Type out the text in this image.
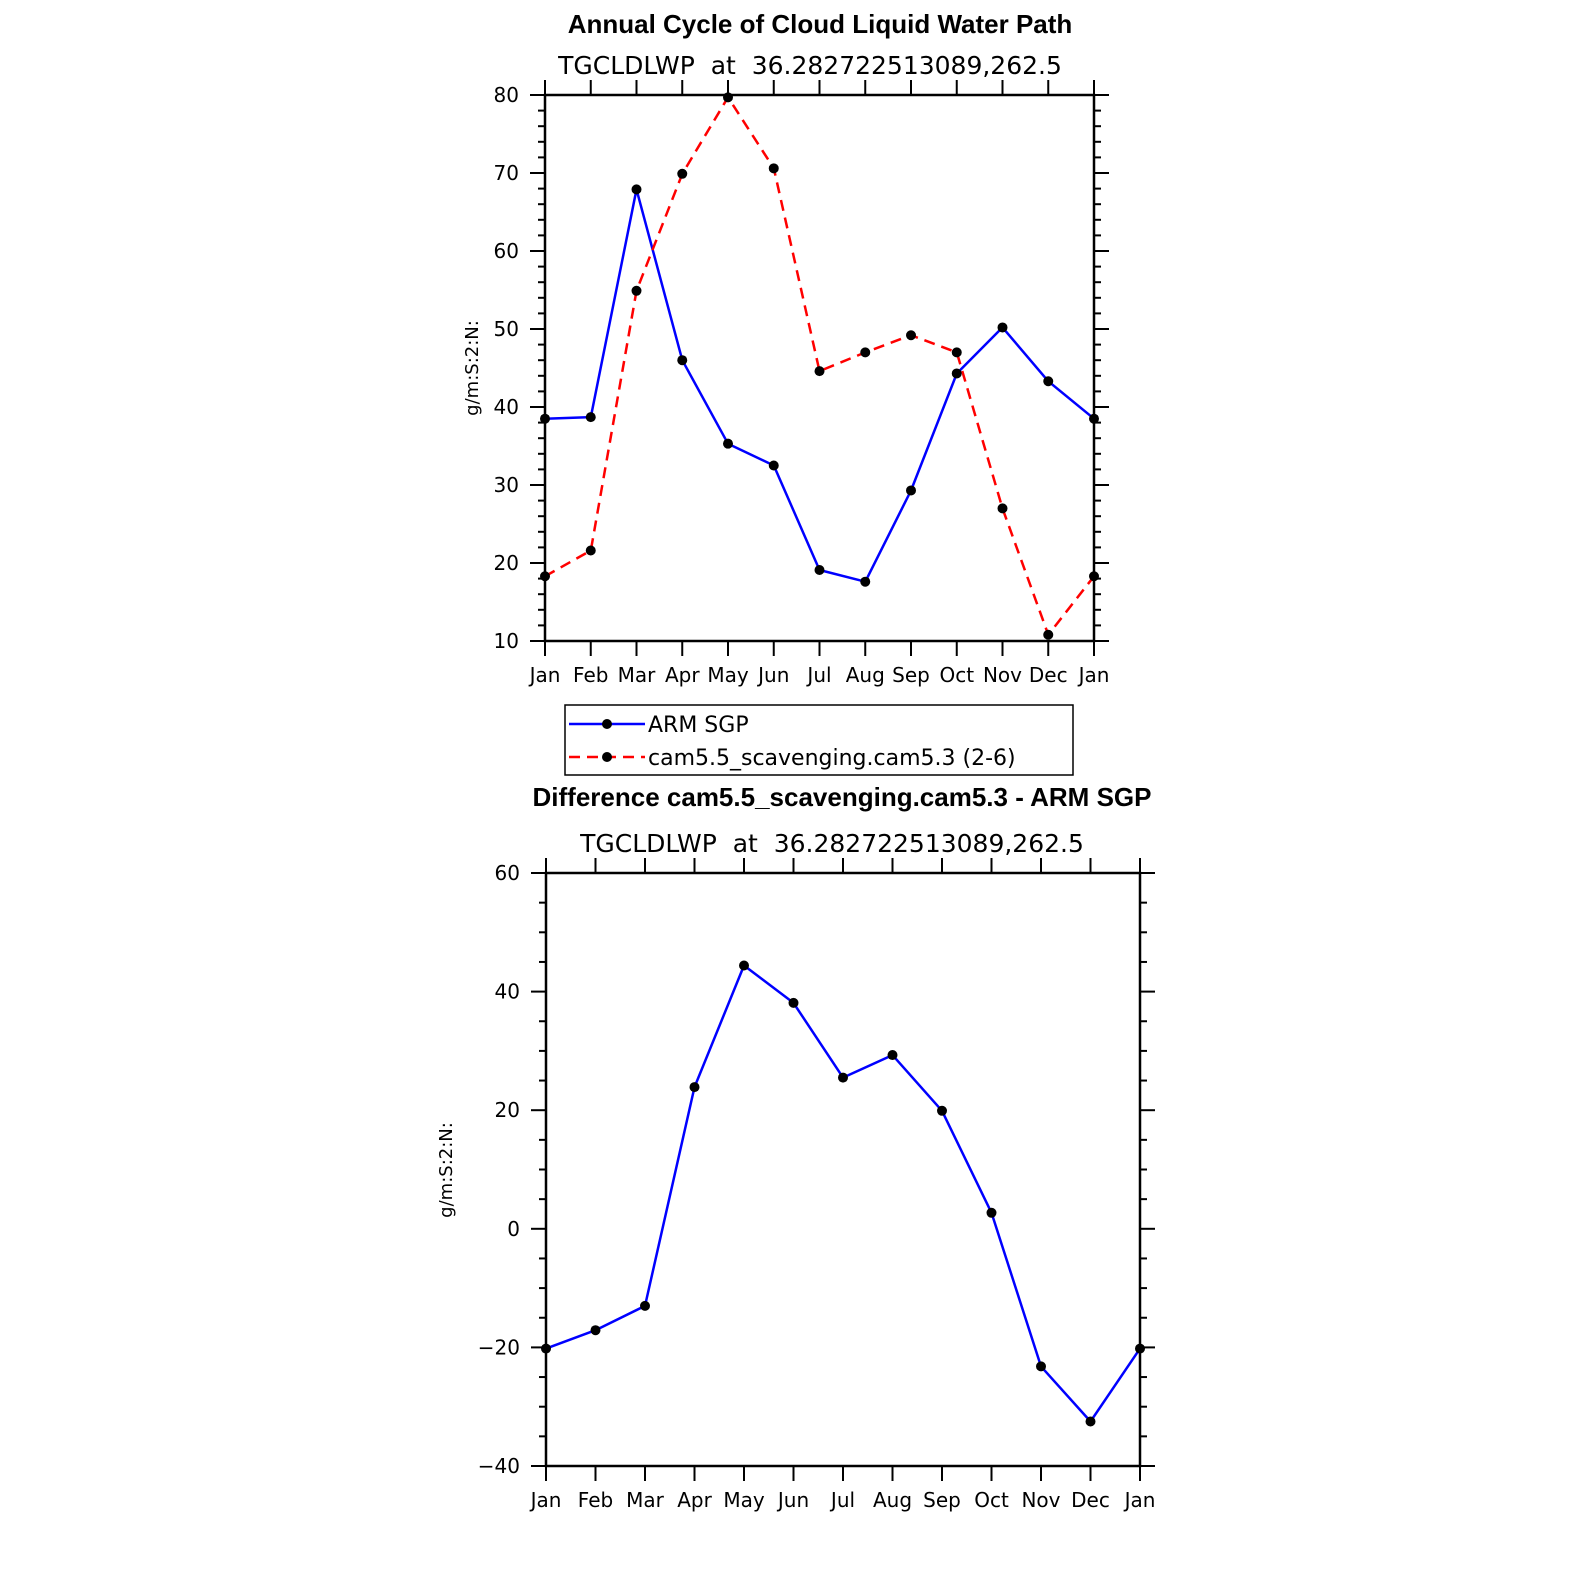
Annual Cycle of Cloud Liquid Water Path
TGCLDLWP  at  36.282722513089,262.5
g/m:S:2:N:
10
20
30
40
50
60
70
80
Jan Feb Mar Apr May Jun Jul Aug Sep Oct Nov Dec Jan
ARM SGP
cam5.5_scavenging.cam5.3 (2-6)
Difference cam5.5_scavenging.cam5.3 - ARM SGP
TGCLDLWP  at  36.282722513089,262.5
g/m:S:2:N:
−40
−20
0
20
40
60
Jan Feb Mar Apr May Jun Jul Aug Sep Oct Nov Dec Jan
